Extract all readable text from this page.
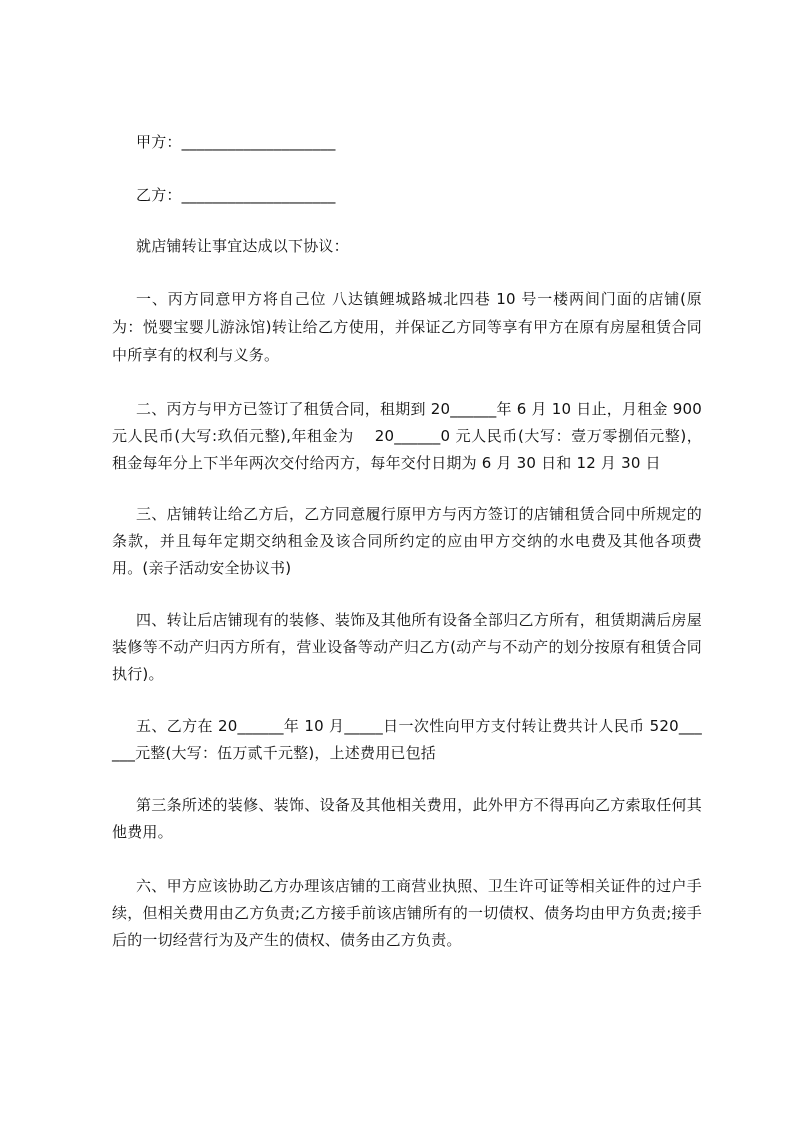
甲方：____________________
乙方：____________________
就店铺转让事宜达成以下协议：
一、丙方同意甲方将自己位 八达镇鲤城路城北四巷 10 号一楼两间门面的店铺(原为：悦婴宝婴儿游泳馆)转让给乙方使用，并保证乙方同等享有甲方在原有房屋租赁合同中所享有的权利与义务。
二、丙方与甲方已签订了租赁合同，租期到 20______年 6 月 10 日止，月租金 900 元人民币(大写:玖佰元整),年租金为　 20______0 元人民币(大写：壹万零捌佰元整)，租金每年分上下半年两次交付给丙方，每年交付日期为 6 月 30 日和 12 月 30 日
三、店铺转让给乙方后，乙方同意履行原甲方与丙方签订的店铺租赁合同中所规定的条款，并且每年定期交纳租金及该合同所约定的应由甲方交纳的水电费及其他各项费用。(亲子活动安全协议书)
四、转让后店铺现有的装修、装饰及其他所有设备全部归乙方所有，租赁期满后房屋装修等不动产归丙方所有，营业设备等动产归乙方(动产与不动产的划分按原有租赁合同执行)。
五、乙方在 20______年 10 月_____日一次性向甲方支付转让费共计人民币 520______元整(大写：伍万贰千元整)，上述费用已包括
第三条所述的装修、装饰、设备及其他相关费用，此外甲方不得再向乙方索取任何其他费用。
六、甲方应该协助乙方办理该店铺的工商营业执照、卫生许可证等相关证件的过户手续，但相关费用由乙方负责;乙方接手前该店铺所有的一切债权、债务均由甲方负责;接手后的一切经营行为及产生的债权、债务由乙方负责。
